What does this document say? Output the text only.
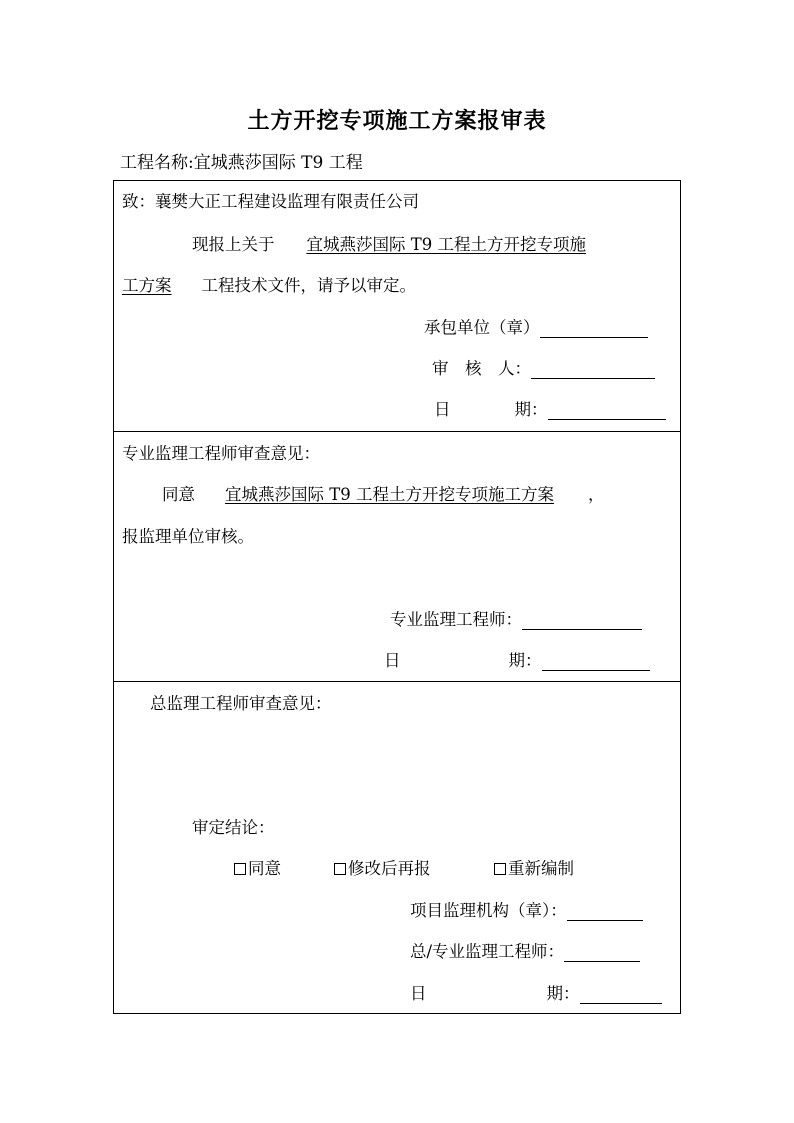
土方开挖专项施工方案报审表
工程名称:宜城燕莎国际 T9 工程
致：襄樊大正工程建设监理有限责任公司
现报上关于 宜城燕莎国际 T9 工程土方开挖专项施
工方案 工程技术文件，请予以审定。
承包单位（章）
审　核　人：
日	期：
专业监理工程师审查意见：
同意 宜城燕莎国际 T9 工程土方开挖专项施工方案 ，
报监理单位审核。
专业监理工程师：
日	期：
总监理工程师审查意见：
审定结论：
同意	修改后再报	重新编制
项目监理机构（章）：
总/专业监理工程师：
日	期：
